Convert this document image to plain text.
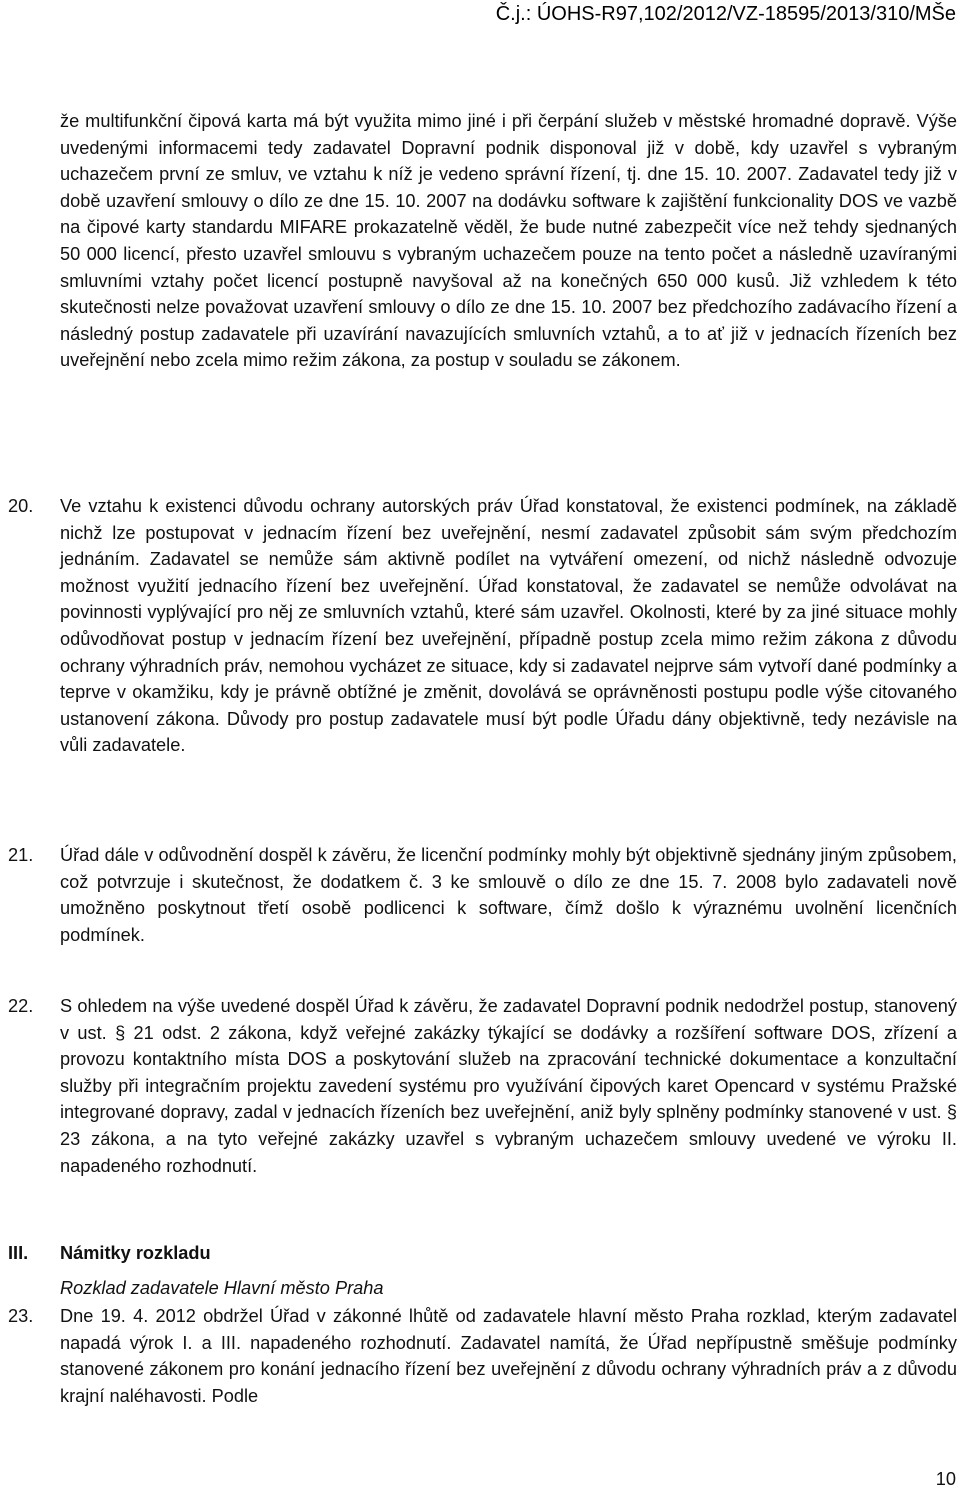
Č.j.: ÚOHS-R97,102/2012/VZ-18595/2013/310/MŠe

že multifunkční čipová karta má být využita mimo jiné i při čerpání služeb v městské hromadné dopravě. Výše uvedenými informacemi tedy zadavatel Dopravní podnik disponoval již v době, kdy uzavřel s vybraným uchazečem první ze smluv, ve vztahu k níž je vedeno správní řízení, tj. dne 15. 10. 2007. Zadavatel tedy již v době uzavření smlouvy o dílo ze dne 15. 10. 2007 na dodávku software k zajištění funkcionality DOS ve vazbě na čipové karty standardu MIFARE prokazatelně věděl, že bude nutné zabezpečit více než tehdy sjednaných 50 000 licencí, přesto uzavřel smlouvu s vybraným uchazečem pouze na tento počet a následně uzavíranými smluvními vztahy počet licencí postupně navyšoval až na konečných 650 000 kusů. Již vzhledem k této skutečnosti nelze považovat uzavření smlouvy o dílo ze dne 15. 10. 2007 bez předchozího zadávacího řízení a následný postup zadavatele při uzavírání navazujících smluvních vztahů, a to ať již v jednacích řízeních bez uveřejnění nebo zcela mimo režim zákona, za postup v souladu se zákonem.

20. Ve vztahu k existenci důvodu ochrany autorských práv Úřad konstatoval, že existenci podmínek, na základě nichž lze postupovat v jednacím řízení bez uveřejnění, nesmí zadavatel způsobit sám svým předchozím jednáním. Zadavatel se nemůže sám aktivně podílet na vytváření omezení, od nichž následně odvozuje možnost využití jednacího řízení bez uveřejnění. Úřad konstatoval, že zadavatel se nemůže odvolávat na povinnosti vyplývající pro něj ze smluvních vztahů, které sám uzavřel. Okolnosti, které by za jiné situace mohly odůvodňovat postup v jednacím řízení bez uveřejnění, případně postup zcela mimo režim zákona z důvodu ochrany výhradních práv, nemohou vycházet ze situace, kdy si zadavatel nejprve sám vytvoří dané podmínky a teprve v okamžiku, kdy je právně obtížné je změnit, dovolává se oprávněnosti postupu podle výše citovaného ustanovení zákona. Důvody pro postup zadavatele musí být podle Úřadu dány objektivně, tedy nezávisle na vůli zadavatele.

21. Úřad dále v odůvodnění dospěl k závěru, že licenční podmínky mohly být objektivně sjednány jiným způsobem, což potvrzuje i skutečnost, že dodatkem č. 3 ke smlouvě o dílo ze dne 15. 7. 2008 bylo zadavateli nově umožněno poskytnout třetí osobě podlicenci k software, čímž došlo k výraznému uvolnění licenčních podmínek.

22. S ohledem na výše uvedené dospěl Úřad k závěru, že zadavatel Dopravní podnik nedodržel postup, stanovený v ust. § 21 odst. 2 zákona, když veřejné zakázky týkající se dodávky a rozšíření software DOS, zřízení a provozu kontaktního místa DOS a poskytování služeb na zpracování technické dokumentace a konzultační služby při integračním projektu zavedení systému pro využívání čipových karet Opencard v systému Pražské integrované dopravy, zadal v jednacích řízeních bez uveřejnění, aniž byly splněny podmínky stanovené v ust. § 23 zákona, a na tyto veřejné zakázky uzavřel s vybraným uchazečem smlouvy uvedené ve výroku II. napadeného rozhodnutí.

III. Námitky rozkladu
Rozklad zadavatele Hlavní město Praha
23. Dne 19. 4. 2012 obdržel Úřad v zákonné lhůtě od zadavatele hlavní město Praha rozklad, kterým zadavatel napadá výrok I. a III. napadeného rozhodnutí. Zadavatel namítá, že Úřad nepřípustně směšuje podmínky stanovené zákonem pro konání jednacího řízení bez uveřejnění z důvodu ochrany výhradních práv a z důvodu krajní naléhavosti. Podle

10
